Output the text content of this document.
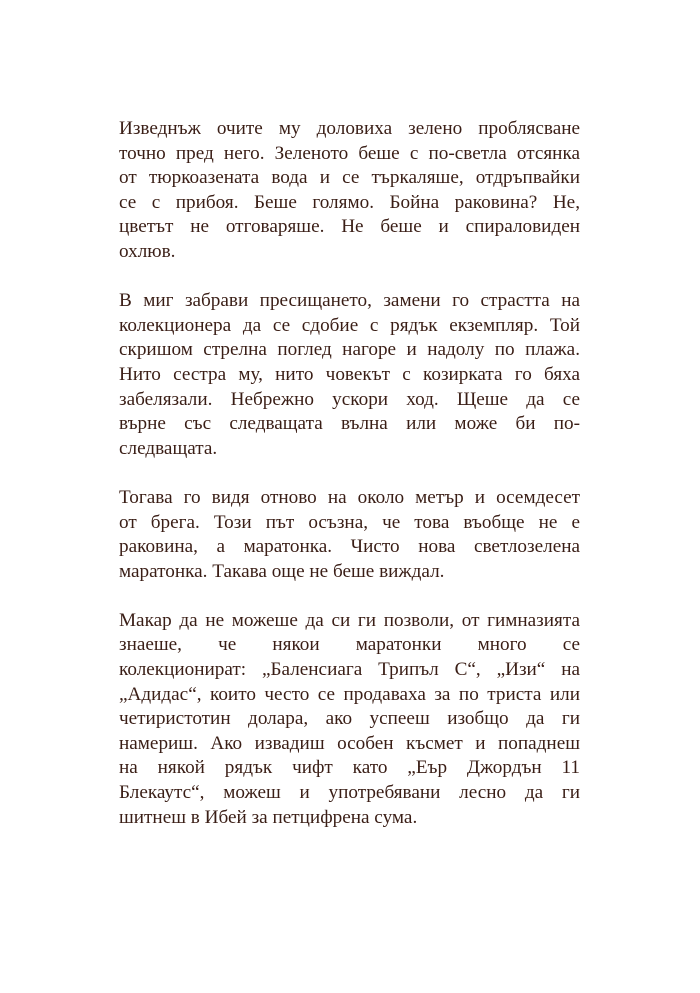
Изведнъж очите му доловиха зелено проблясване
точно пред него. Зеленото беше с по-светла отсянка
от тюркоазената вода и се търкаляше, отдръпвайки
се с прибоя. Беше голямо. Бойна раковина? Не,
цветът не отговаряше. Не беше и спираловиден
охлюв.

В миг забрави пресищането, замени го страстта на
колекционера да се сдобие с рядък екземпляр. Той
скришом стрелна поглед нагоре и надолу по плажа.
Нито сестра му, нито човекът с козирката го бяха
забелязали. Небрежно ускори ход. Щеше да се
върне със следващата вълна или може би по-
следващата.

Тогава го видя отново на около метър и осемдесет
от брега. Този път осъзна, че това въобще не е
раковина, а маратонка. Чисто нова светлозелена
маратонка. Такава още не беше виждал.

Макар да не можеше да си ги позволи, от гимназията
знаеше, че някои маратонки много се
колекционират: „Баленсиага Трипъл С“, „Изи“ на
„Адидас“, които често се продаваха за по триста или
четиристотин долара, ако успееш изобщо да ги
намериш. Ако извадиш особен късмет и попаднеш
на някой рядък чифт като „Еър Джордън 11
Блекаутс“, можеш и употребявани лесно да ги
шитнеш в Ибей за петцифрена сума.
